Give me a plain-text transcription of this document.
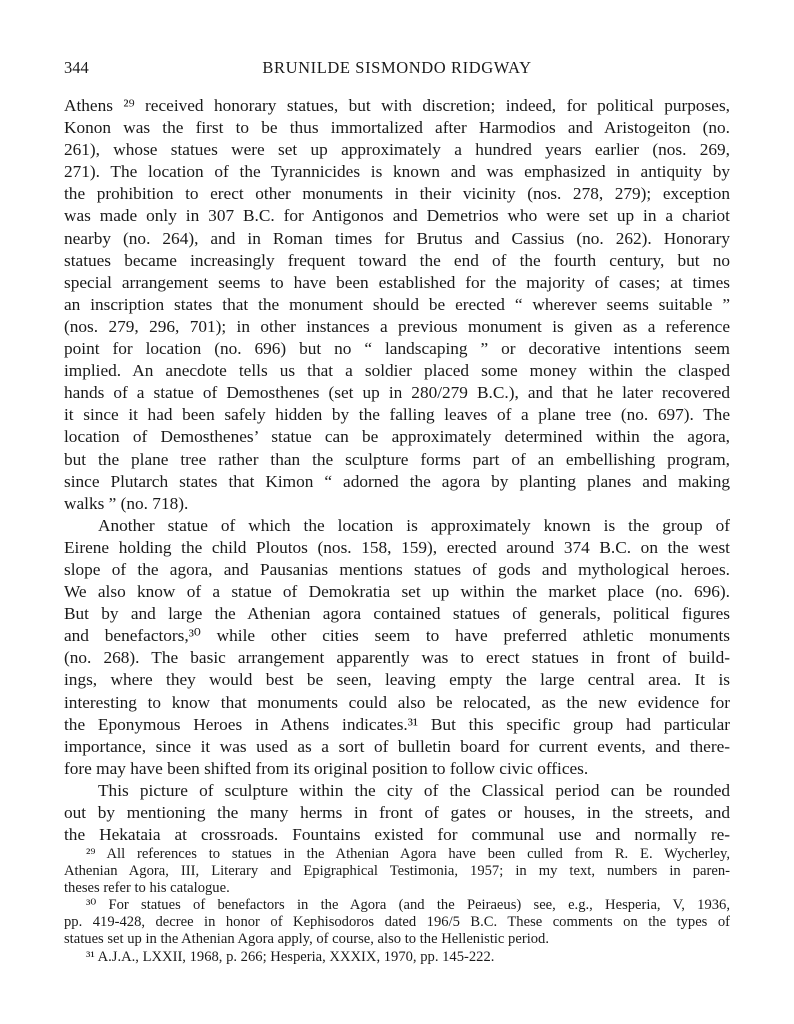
344	BRUNILDE SISMONDO RIDGWAY
Athens ²⁹ received honorary statues, but with discretion; indeed, for political purposes,
Konon was the first to be thus immortalized after Harmodios and Aristogeiton (no.
261), whose statues were set up approximately a hundred years earlier (nos. 269,
271). The location of the Tyrannicides is known and was emphasized in antiquity by
the prohibition to erect other monuments in their vicinity (nos. 278, 279); exception
was made only in 307 B.C. for Antigonos and Demetrios who were set up in a chariot
nearby (no. 264), and in Roman times for Brutus and Cassius (no. 262). Honorary
statues became increasingly frequent toward the end of the fourth century, but no
special arrangement seems to have been established for the majority of cases; at times
an inscription states that the monument should be erected “ wherever seems suitable ”
(nos. 279, 296, 701); in other instances a previous monument is given as a reference
point for location (no. 696) but no “ landscaping ” or decorative intentions seem
implied. An anecdote tells us that a soldier placed some money within the clasped
hands of a statue of Demosthenes (set up in 280/279 B.C.), and that he later recovered
it since it had been safely hidden by the falling leaves of a plane tree (no. 697). The
location of Demosthenes’ statue can be approximately determined within the agora,
but the plane tree rather than the sculpture forms part of an embellishing program,
since Plutarch states that Kimon “ adorned the agora by planting planes and making
walks ” (no. 718).
Another statue of which the location is approximately known is the group of
Eirene holding the child Ploutos (nos. 158, 159), erected around 374 B.C. on the west
slope of the agora, and Pausanias mentions statues of gods and mythological heroes.
We also know of a statue of Demokratia set up within the market place (no. 696).
But by and large the Athenian agora contained statues of generals, political figures
and benefactors,³⁰ while other cities seem to have preferred athletic monuments
(no. 268). The basic arrangement apparently was to erect statues in front of build-
ings, where they would best be seen, leaving empty the large central area. It is
interesting to know that monuments could also be relocated, as the new evidence for
the Eponymous Heroes in Athens indicates.³¹ But this specific group had particular
importance, since it was used as a sort of bulletin board for current events, and there-
fore may have been shifted from its original position to follow civic offices.
This picture of sculpture within the city of the Classical period can be rounded
out by mentioning the many herms in front of gates or houses, in the streets, and
the Hekataia at crossroads. Fountains existed for communal use and normally re-
²⁹ All references to statues in the Athenian Agora have been culled from R. E. Wycherley,
Athenian Agora, III, Literary and Epigraphical Testimonia, 1957; in my text, numbers in paren-
theses refer to his catalogue.
³⁰ For statues of benefactors in the Agora (and the Peiraeus) see, e.g., Hesperia, V, 1936,
pp. 419-428, decree in honor of Kephisodoros dated 196/5 B.C. These comments on the types of
statues set up in the Athenian Agora apply, of course, also to the Hellenistic period.
³¹ A.J.A., LXXII, 1968, p. 266; Hesperia, XXXIX, 1970, pp. 145-222.
